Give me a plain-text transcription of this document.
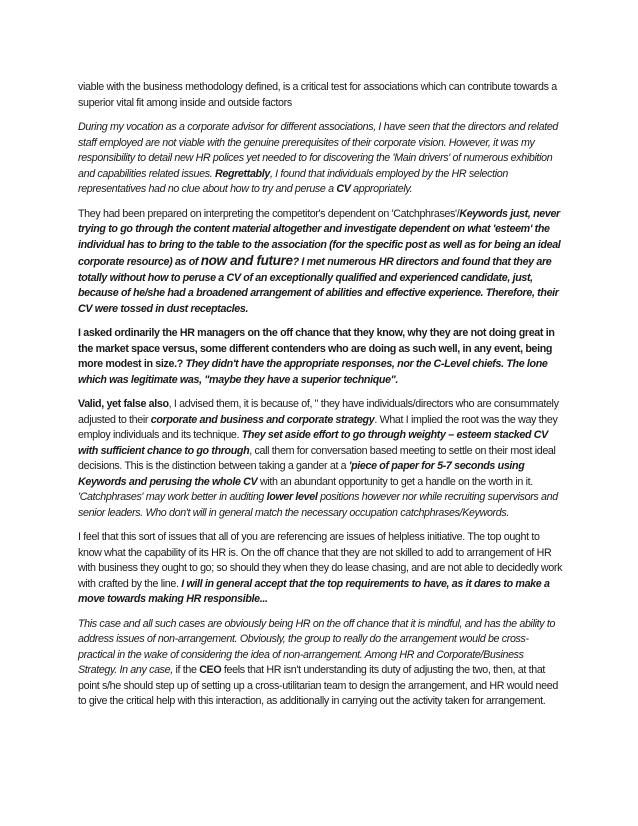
viable with the business methodology defined, is a critical test for associations which can contribute towards a superior vital fit among inside and outside factors

During my vocation as a corporate advisor for different associations, I have seen that the directors and related staff employed are not viable with the genuine prerequisites of their corporate vision. However, it was my responsibility to detail new HR polices yet needed to for discovering the 'Main drivers' of numerous exhibition and capabilities related issues. Regrettably, I found that individuals employed by the HR selection representatives had no clue about how to try and peruse a CV appropriately.

They had been prepared on interpreting the competitor's dependent on 'Catchphrases'/Keywords just, never trying to go through the content material altogether and investigate dependent on what 'esteem' the individual has to bring to the table to the association (for the specific post as well as for being an ideal corporate resource) as of now and future? I met numerous HR directors and found that they are totally without how to peruse a CV of an exceptionally qualified and experienced candidate, just, because of he/she had a broadened arrangement of abilities and effective experience. Therefore, their CV were tossed in dust receptacles.

I asked ordinarily the HR managers on the off chance that they know, why they are not doing great in the market space versus, some different contenders who are doing as such well, in any event, being more modest in size.? They didn't have the appropriate responses, nor the C-Level chiefs. The lone which was legitimate was, "maybe they have a superior technique".

Valid, yet false also, I advised them, it is because of, " they have individuals/directors who are consummately adjusted to their corporate and business and corporate strategy. What I implied the root was the way they employ individuals and its technique. They set aside effort to go through weighty – esteem stacked CV with sufficient chance to go through, call them for conversation based meeting to settle on their most ideal decisions. This is the distinction between taking a gander at a 'piece of paper for 5-7 seconds using Keywords and perusing the whole CV with an abundant opportunity to get a handle on the worth in it. 'Catchphrases' may work better in auditing lower level positions however nor while recruiting supervisors and senior leaders. Who don't will in general match the necessary occupation catchphrases/Keywords.

I feel that this sort of issues that all of you are referencing are issues of helpless initiative. The top ought to know what the capability of its HR is. On the off chance that they are not skilled to add to arrangement of HR with business they ought to go; so should they when they do lease chasing, and are not able to decidedly work with crafted by the line. I will in general accept that the top requirements to have, as it dares to make a move towards making HR responsible...

This case and all such cases are obviously being HR on the off chance that it is mindful, and has the ability to address issues of non-arrangement. Obviously, the group to really do the arrangement would be cross-practical in the wake of considering the idea of non-arrangement. Among HR and Corporate/Business Strategy. In any case, if the CEO feels that HR isn't understanding its duty of adjusting the two, then, at that point s/he should step up of setting up a cross-utilitarian team to design the arrangement, and HR would need to give the critical help with this interaction, as additionally in carrying out the activity taken for arrangement.
